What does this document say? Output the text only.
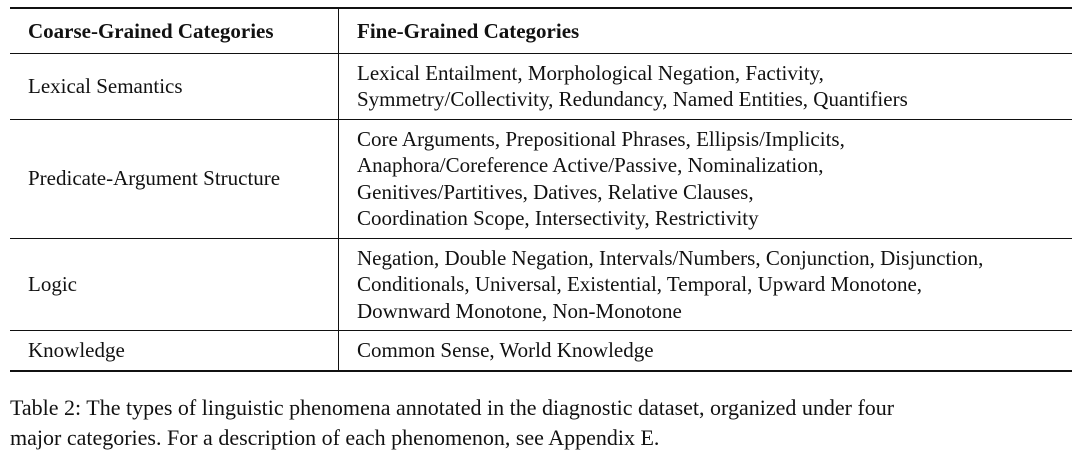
Coarse-Grained Categories	Fine-Grained Categories
Lexical Semantics	Lexical Entailment, Morphological Negation, Factivity,
Symmetry/Collectivity, Redundancy, Named Entities, Quantifiers

Predicate-Argument Structure	Core Arguments, Prepositional Phrases, Ellipsis/Implicits,
Anaphora/Coreference Active/Passive, Nominalization,
Genitives/Partitives, Datives, Relative Clauses,
Coordination Scope, Intersectivity, Restrictivity

Logic	Negation, Double Negation, Intervals/Numbers, Conjunction, Disjunction,
Conditionals, Universal, Existential, Temporal, Upward Monotone,
Downward Monotone, Non-Monotone

Knowledge	Common Sense, World Knowledge
Table 2: The types of linguistic phenomena annotated in the diagnostic dataset, organized under four
major categories. For a description of each phenomenon, see Appendix E.
